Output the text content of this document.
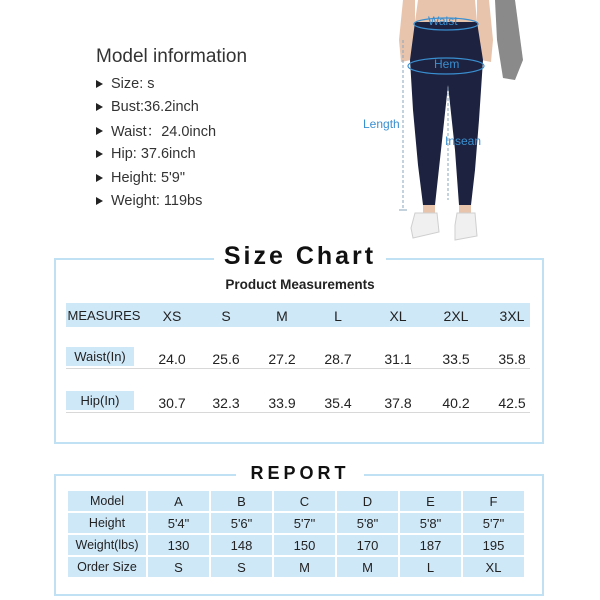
Model information
Size: s
Bust:36.2inch
Waist：24.0inch
Hip: 37.6inch
Height: 5'9"
Weight: 119bs
Waist
Hem
Length
Insean
Size Chart
Product Measurements
MEASURES	XS	S	M	L	XL	2XL	3XL
Waist(In)	24.0	25.6	27.2	28.7	31.1	33.5	35.8
Hip(In)	30.7	32.3	33.9	35.4	37.8	40.2	42.5
REPORT
Model	A	B	C	D	E	F
Height	5'4"	5'6"	5'7"	5'8"	5'8"	5'7"
Weight(lbs)	130	148	150	170	187	195
Order Size	S	S	M	M	L	XL
